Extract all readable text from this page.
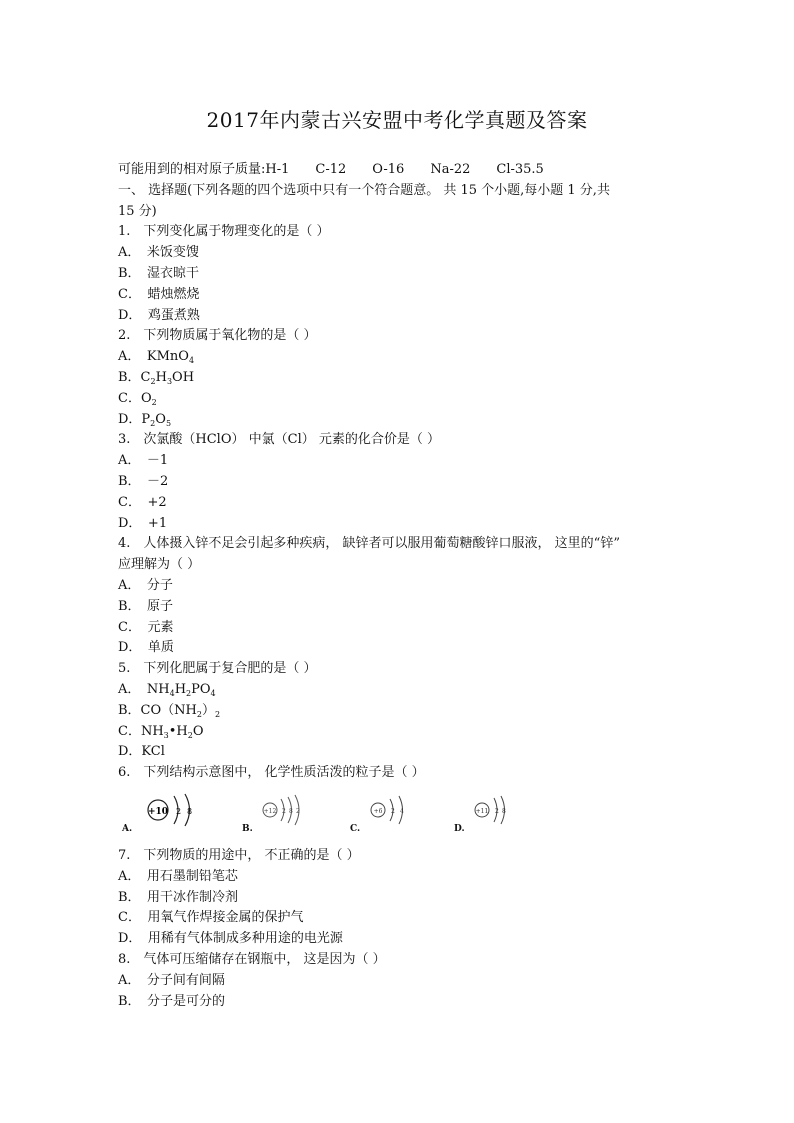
2017年内蒙古兴安盟中考化学真题及答案
可能用到的相对原子质量:H-1　　C-12　　O-16　　Na-22　　Cl-35.5
一、 选择题(下列各题的四个选项中只有一个符合题意。 共 15 个小题,每小题 1 分,共
15 分)
1.　下列变化属于物理变化的是（ ）
A．　米饭变馊
B．　湿衣晾干
C．　蜡烛燃烧
D．　鸡蛋煮熟
2.　下列物质属于氧化物的是（ ）
A．　KMnO$_4$
B．$C_2H_3OH$
C．$O_2$
D．$P_2O_5$
3.　次氯酸（HClO） 中氯（Cl） 元素的化合价是（ ）
A．　－1
B．　－2
C．　+2
D．　+1
4.　人体摄入锌不足会引起多种疾病， 缺锌者可以服用葡萄糖酸锌口服液， 这里的“锌”
应理解为（ ）
A．　分子
B．　原子
C．　元素
D．　单质
5.　下列化肥属于复合肥的是（ ）
A．　$NH_4H_2PO_4$
B．$CO(NH_2)_2$
C．$NH_3•H_2O$
D．KCl
6.　下列结构示意图中， 化学性质活泼的粒子是（ ）
+10 2 8
A.
+12 2 8 2
B.
+6 2 4
C.
+11 2 8
D.
7.　下列物质的用途中， 不正确的是（ ）
A．　用石墨制铅笔芯
B．　用干冰作制冷剂
C．　用氧气作焊接金属的保护气
D．　用稀有气体制成多种用途的电光源
8.　气体可压缩储存在钢瓶中， 这是因为（ ）
A．　分子间有间隔
B．　分子是可分的
